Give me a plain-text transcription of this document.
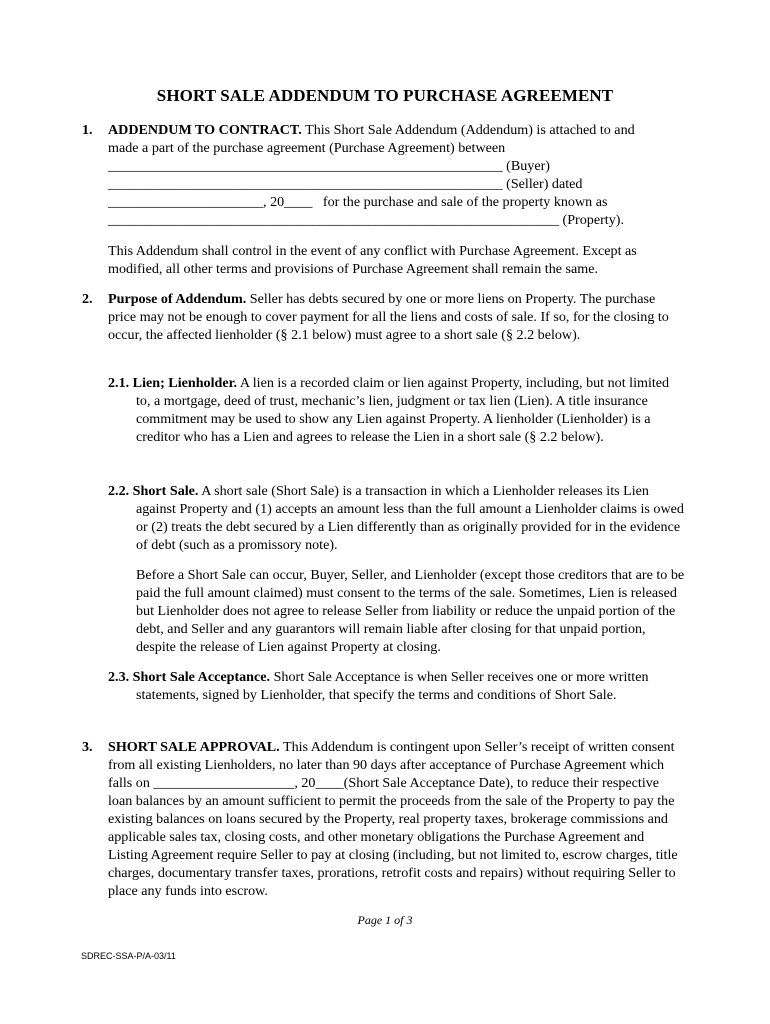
SHORT SALE ADDENDUM TO PURCHASE AGREEMENT
1. ADDENDUM TO CONTRACT. This Short Sale Addendum (Addendum) is attached to and
made a part of the purchase agreement (Purchase Agreement) between
________________________________________________________ (Buyer)
________________________________________________________ (Seller) dated
______________________, 20____   for the purchase and sale of the property known as
________________________________________________________________ (Property).
This Addendum shall control in the event of any conflict with Purchase Agreement. Except as modified, all other terms and provisions of Purchase Agreement shall remain the same.
2. Purpose of Addendum. Seller has debts secured by one or more liens on Property. The purchase price may not be enough to cover payment for all the liens and costs of sale. If so, for the closing to occur, the affected lienholder (§ 2.1 below) must agree to a short sale (§ 2.2 below).
2.1. Lien; Lienholder. A lien is a recorded claim or lien against Property, including, but not limited to, a mortgage, deed of trust, mechanic’s lien, judgment or tax lien (Lien). A title insurance commitment may be used to show any Lien against Property. A lienholder (Lienholder) is a creditor who has a Lien and agrees to release the Lien in a short sale (§ 2.2 below).
2.2. Short Sale. A short sale (Short Sale) is a transaction in which a Lienholder releases its Lien against Property and (1) accepts an amount less than the full amount a Lienholder claims is owed or (2) treats the debt secured by a Lien differently than as originally provided for in the evidence of debt (such as a promissory note).
Before a Short Sale can occur, Buyer, Seller, and Lienholder (except those creditors that are to be paid the full amount claimed) must consent to the terms of the sale. Sometimes, Lien is released but Lienholder does not agree to release Seller from liability or reduce the unpaid portion of the debt, and Seller and any guarantors will remain liable after closing for that unpaid portion, despite the release of Lien against Property at closing.
2.3. Short Sale Acceptance. Short Sale Acceptance is when Seller receives one or more written statements, signed by Lienholder, that specify the terms and conditions of Short Sale.
3. SHORT SALE APPROVAL. This Addendum is contingent upon Seller’s receipt of written consent from all existing Lienholders, no later than 90 days after acceptance of Purchase Agreement which falls on ____________________, 20____(Short Sale Acceptance Date), to reduce their respective loan balances by an amount sufficient to permit the proceeds from the sale of the Property to pay the existing balances on loans secured by the Property, real property taxes, brokerage commissions and applicable sales tax, closing costs, and other monetary obligations the Purchase Agreement and Listing Agreement require Seller to pay at closing (including, but not limited to, escrow charges, title charges, documentary transfer taxes, prorations, retrofit costs and repairs) without requiring Seller to place any funds into escrow.
Page 1 of 3
SDREC-SSA-P/A-03/11
